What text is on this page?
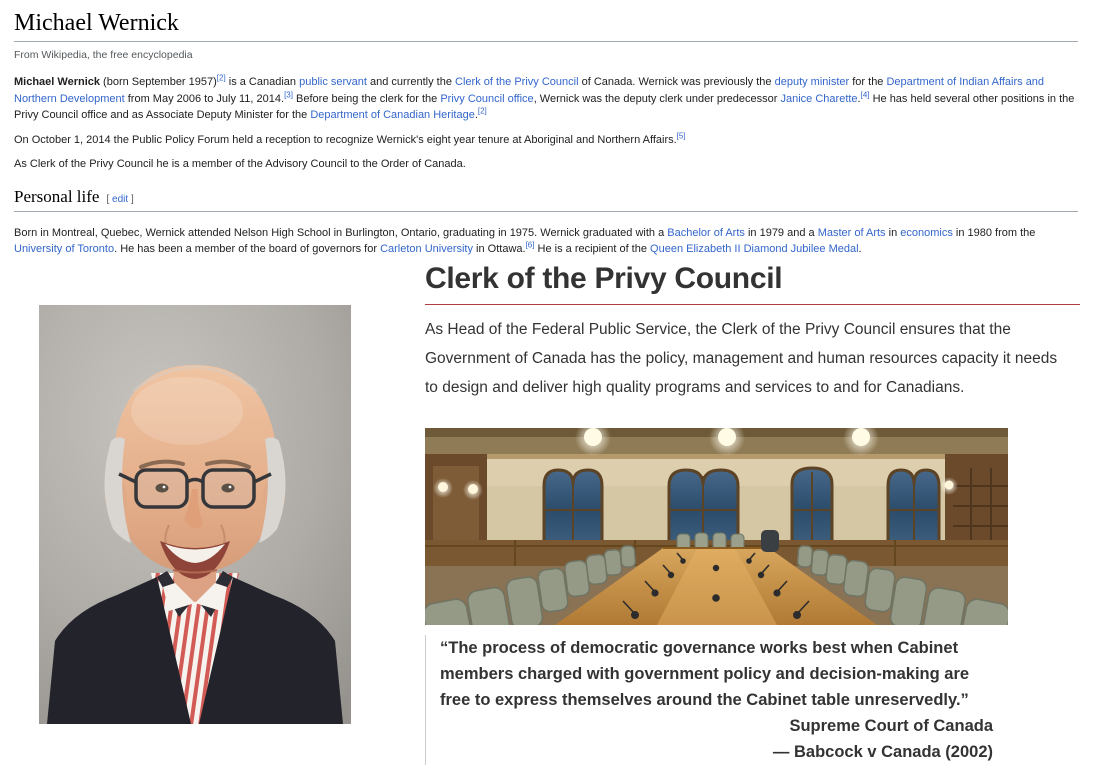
Michael Wernick
From Wikipedia, the free encyclopedia

Michael Wernick (born September 1957)[2] is a Canadian public servant and currently the Clerk of the Privy Council of Canada. Wernick was previously the deputy minister for the Department of Indian Affairs and Northern Development from May 2006 to July 11, 2014.[3] Before being the clerk for the Privy Council office, Wernick was the deputy clerk under predecessor Janice Charette.[4] He has held several other positions in the Privy Council office and as Associate Deputy Minister for the Department of Canadian Heritage.[2]

On October 1, 2014 the Public Policy Forum held a reception to recognize Wernick's eight year tenure at Aboriginal and Northern Affairs.[5]

As Clerk of the Privy Council he is a member of the Advisory Council to the Order of Canada.

Personal life [ edit ]

Born in Montreal, Quebec, Wernick attended Nelson High School in Burlington, Ontario, graduating in 1975. Wernick graduated with a Bachelor of Arts in 1979 and a Master of Arts in economics in 1980 from the University of Toronto. He has been a member of the board of governors for Carleton University in Ottawa.[6] He is a recipient of the Queen Elizabeth II Diamond Jubilee Medal.

Clerk of the Privy Council

As Head of the Federal Public Service, the Clerk of the Privy Council ensures that the Government of Canada has the policy, management and human resources capacity it needs to design and deliver high quality programs and services to and for Canadians.

“The process of democratic governance works best when Cabinet members charged with government policy and decision-making are free to express themselves around the Cabinet table unreservedly.”
Supreme Court of Canada
— Babcock v Canada (2002)
